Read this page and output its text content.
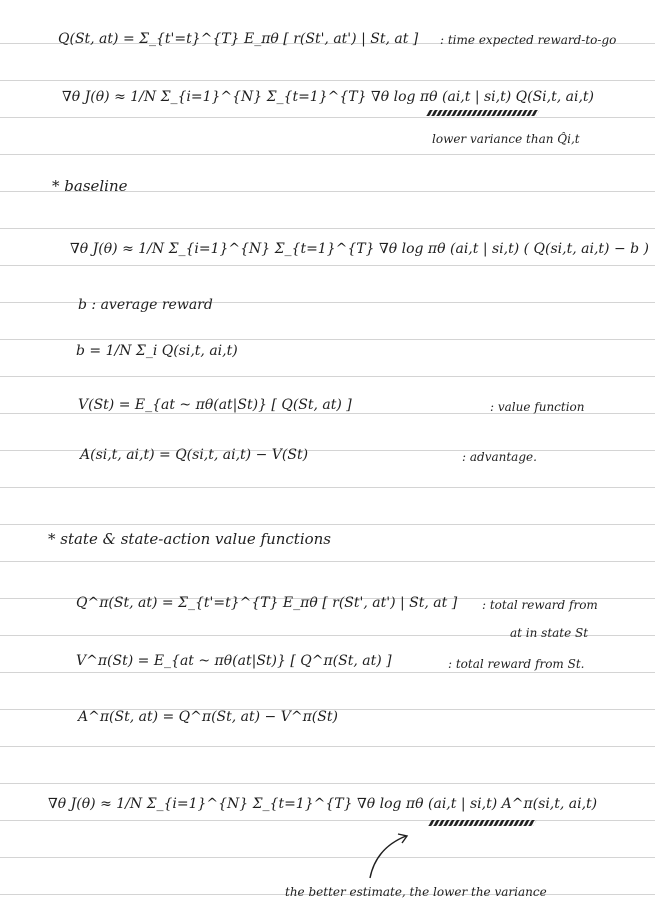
Q(St, at) = Σ_{t'=t}^{T} E_πθ [ r(St', at') | St, at ] : time expected reward-to-go
∇θ J(θ) ≈ 1/N Σ_{i=1}^{N} Σ_{t=1}^{T} ∇θ log πθ (ai,t | si,t) Q(Si,t, ai,t)
lower variance than Q̂i,t
* baseline
∇θ J(θ) ≈ 1/N Σ_{i=1}^{N} Σ_{t=1}^{T} ∇θ log πθ (ai,t | si,t) ( Q(si,t, ai,t) − b )
b : average reward
b = 1/N Σ_i Q(si,t, ai,t)
V(St) = E_{at ~ πθ(at|St)} [ Q(St, at) ]	: value function
A(si,t, ai,t) = Q(si,t, ai,t) − V(St)	: advantage.
* state & state-action value functions
Q^π(St, at) = Σ_{t'=t}^{T} E_πθ [ r(St', at') | St, at ] : total reward from
at in state St
V^π(St) = E_{at ~ πθ(at|St)} [ Q^π(St, at) ]	: total reward from St.
A^π(St, at) = Q^π(St, at) − V^π(St)
∇θ J(θ) ≈ 1/N Σ_{i=1}^{N} Σ_{t=1}^{T} ∇θ log πθ (ai,t | si,t) A^π(si,t, ai,t)
the better estimate, the lower the variance
